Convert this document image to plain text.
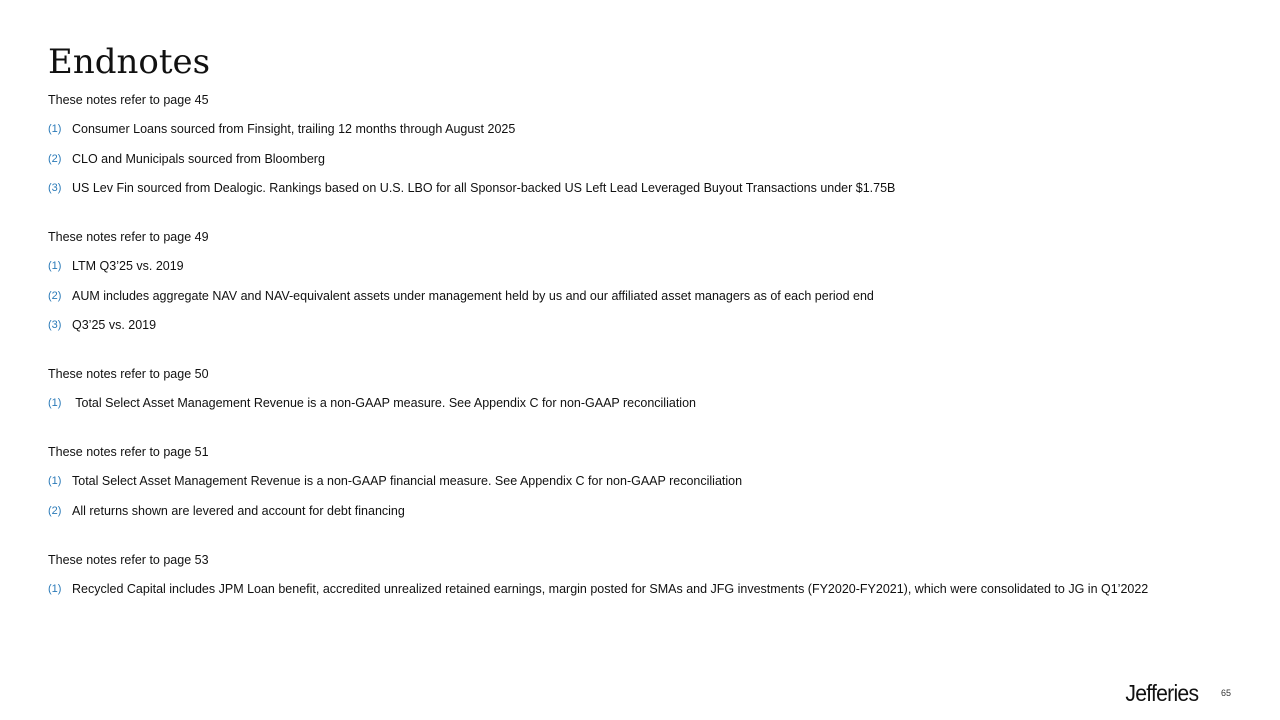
Endnotes
These notes refer to page 45
(1) Consumer Loans sourced from Finsight, trailing 12 months through August 2025
(2) CLO and Municipals sourced from Bloomberg
(3) US Lev Fin sourced from Dealogic. Rankings based on U.S. LBO for all Sponsor-backed US Left Lead Leveraged Buyout Transactions under $1.75B
These notes refer to page 49
(1) LTM Q3’25 vs. 2019
(2) AUM includes aggregate NAV and NAV-equivalent assets under management held by us and our affiliated asset managers as of each period end
(3) Q3’25 vs. 2019
These notes refer to page 50
(1) Total Select Asset Management Revenue is a non-GAAP measure. See Appendix C for non-GAAP reconciliation
These notes refer to page 51
(1) Total Select Asset Management Revenue is a non-GAAP financial measure. See Appendix C for non-GAAP reconciliation
(2) All returns shown are levered and account for debt financing
These notes refer to page 53
(1) Recycled Capital includes JPM Loan benefit, accredited unrealized retained earnings, margin posted for SMAs and JFG investments (FY2020-FY2021), which were consolidated to JG in Q1’2022
Jefferies	65
